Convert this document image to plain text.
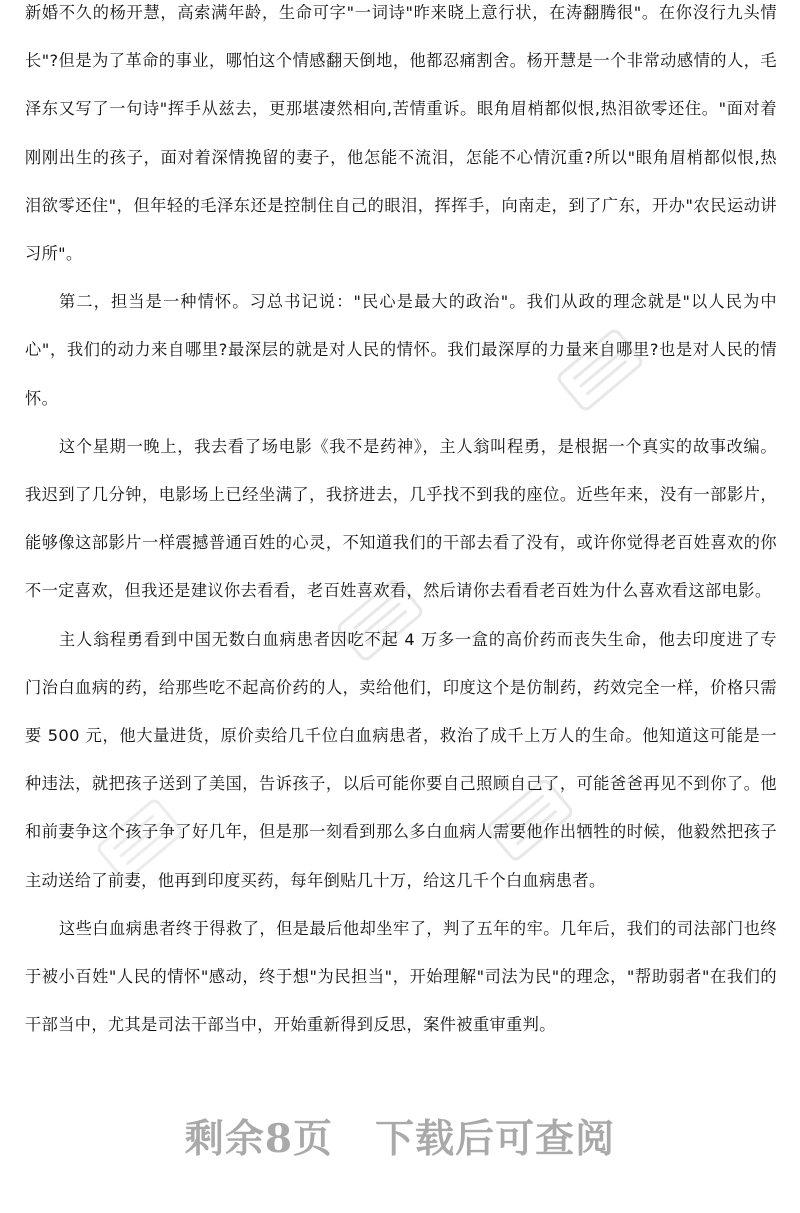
新婚不久的杨开慧，高索满年龄，生命可字"一词诗"昨来晓上意行状，在涛翻腾很"。在你沒行九头情长"?但是为了革命的事业，哪怕这个情感翻天倒地，他都忍痛割舍。杨开慧是一个非常动感情的人，毛泽东又写了一句诗"挥手从兹去，更那堪凄然相向,苦情重诉。眼角眉梢都似恨,热泪欲零还住。"面对着刚刚出生的孩子，面对着深情挽留的妻子，他怎能不流泪，怎能不心情沉重?所以"眼角眉梢都似恨,热泪欲零还住"，但年轻的毛泽东还是控制住自己的眼泪，挥挥手，向南走，到了广东，开办"农民运动讲习所"。

第二，担当是一种情怀。习总书记说："民心是最大的政治"。我们从政的理念就是"以人民为中心"，我们的动力来自哪里?最深层的就是对人民的情怀。我们最深厚的力量来自哪里?也是对人民的情怀。

这个星期一晚上，我去看了场电影《我不是药神》，主人翁叫程勇，是根据一个真实的故事改编。我迟到了几分钟，电影场上已经坐满了，我挤进去，几乎找不到我的座位。近些年来，没有一部影片，能够像这部影片一样震撼普通百姓的心灵，不知道我们的干部去看了没有，或许你觉得老百姓喜欢的你不一定喜欢，但我还是建议你去看看，老百姓喜欢看，然后请你去看看老百姓为什么喜欢看这部电影。

主人翁程勇看到中国无数白血病患者因吃不起 4 万多一盒的高价药而丧失生命，他去印度进了专门治白血病的药，给那些吃不起高价药的人，卖给他们，印度这个是仿制药，药效完全一样，价格只需要 500 元，他大量进货，原价卖给几千位白血病患者，救治了成千上万人的生命。他知道这可能是一种违法，就把孩子送到了美国，告诉孩子，以后可能你要自己照顾自己了，可能爸爸再见不到你了。他和前妻争这个孩子争了好几年，但是那一刻看到那么多白血病人需要他作出牺牲的时候，他毅然把孩子主动送给了前妻，他再到印度买药，每年倒贴几十万，给这几千个白血病患者。

这些白血病患者终于得救了，但是最后他却坐牢了，判了五年的牢。几年后，我们的司法部门也终于被小百姓"人民的情怀"感动，终于想"为民担当"，开始理解"司法为民"的理念，"帮助弱者"在我们的干部当中，尤其是司法干部当中，开始重新得到反思，案件被重审重判。

剩余8页 下载后可查阅
